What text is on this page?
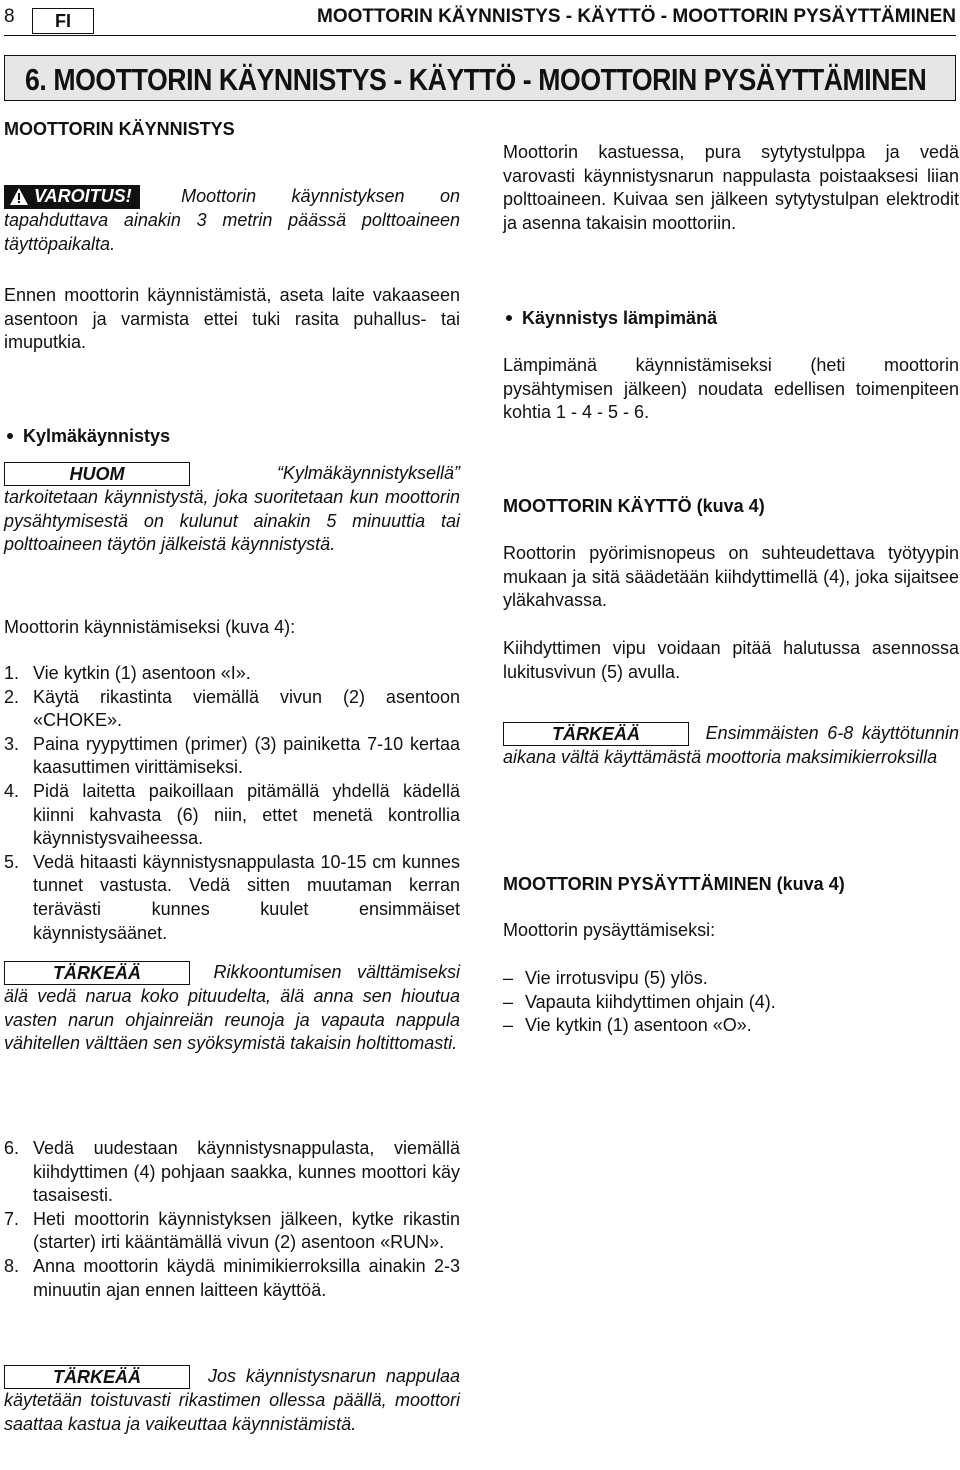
8	FI	MOOTTORIN KÄYNNISTYS - KÄYTTÖ - MOOTTORIN PYSÄYTTÄMINEN
6. MOOTTORIN KÄYNNISTYS - KÄYTTÖ - MOOTTORIN PYSÄYTTÄMINEN

MOOTTORIN KÄYNNISTYS

VAROITUS!	Moottorin käynnistyksen on tapahduttava ainakin 3 metrin päässä polttoaineen täyttöpaikalta.

Ennen moottorin käynnistämistä, aseta laite vakaaseen asentoon ja varmista ettei tuki rasita puhallus- tai imuputkia.

Kylmäkäynnistys

HUOM	“Kylmäkäynnistyksellä” tarkoitetaan käynnistystä, joka suoritetaan kun moottorin pysähtymisestä on kulunut ainakin 5 minuuttia tai polttoaineen täytön jälkeistä käynnistystä.

Moottorin käynnistämiseksi (kuva 4):

1. Vie kytkin (1) asentoon «I».
2. Käytä rikastinta viemällä vivun (2) asentoon «CHOKE».
3. Paina ryypyttimen (primer) (3) painiketta 7-10 kertaa kaasuttimen virittämiseksi.
4. Pidä laitetta paikoillaan pitämällä yhdellä kädellä kiinni kahvasta (6) niin, ettet menetä kontrollia käynnistysvaiheessa.
5. Vedä hitaasti käynnistysnappulasta 10-15 cm kunnes tunnet vastusta. Vedä sitten muutaman kerran terävästi kunnes kuulet ensimmäiset käynnistysäänet.

TÄRKEÄÄ	Rikkoontumisen välttämiseksi älä vedä narua koko pituudelta, älä anna sen hioutua vasten narun ohjainreiän reunoja ja vapauta nappula vähitellen välttäen sen syöksymistä takaisin holtittomasti.

6. Vedä uudestaan käynnistysnappulasta, viemällä kiihdyttimen (4) pohjaan saakka, kunnes moottori käy tasaisesti.
7. Heti moottorin käynnistyksen jälkeen, kytke rikastin (starter) irti kääntämällä vivun (2) asentoon «RUN».
8. Anna moottorin käydä minimikierroksilla ainakin 2-3 minuutin ajan ennen laitteen käyttöä.

TÄRKEÄÄ	Jos käynnistysnarun nappulaa käytetään toistuvasti rikastimen ollessa päällä, moottori saattaa kastua ja vaikeuttaa käynnistämistä.

Moottorin kastuessa, pura sytytystulppa ja vedä varovasti käynnistysnarun nappulasta poistaaksesi liian polttoaineen. Kuivaa sen jälkeen sytytystulpan elektrodit ja asenna takaisin moottoriin.

Käynnistys lämpimänä

Lämpimänä käynnistämiseksi (heti moottorin pysähtymisen jälkeen) noudata edellisen toimenpiteen kohtia 1 - 4 - 5 - 6.

MOOTTORIN KÄYTTÖ (kuva 4)

Roottorin pyörimisnopeus on suhteudettava työtyypin mukaan ja sitä säädetään kiihdyttimellä (4), joka sijaitsee yläkahvassa.

Kiihdyttimen vipu voidaan pitää halutussa asennossa lukitusvivun (5) avulla.

TÄRKEÄÄ	Ensimmäisten 6-8 käyttötunnin aikana vältä käyttämästä moottoria maksimikierroksilla

MOOTTORIN PYSÄYTTÄMINEN (kuva 4)

Moottorin pysäyttämiseksi:

– Vie irrotusvipu (5) ylös.
– Vapauta kiihdyttimen ohjain (4).
– Vie kytkin (1) asentoon «O».
